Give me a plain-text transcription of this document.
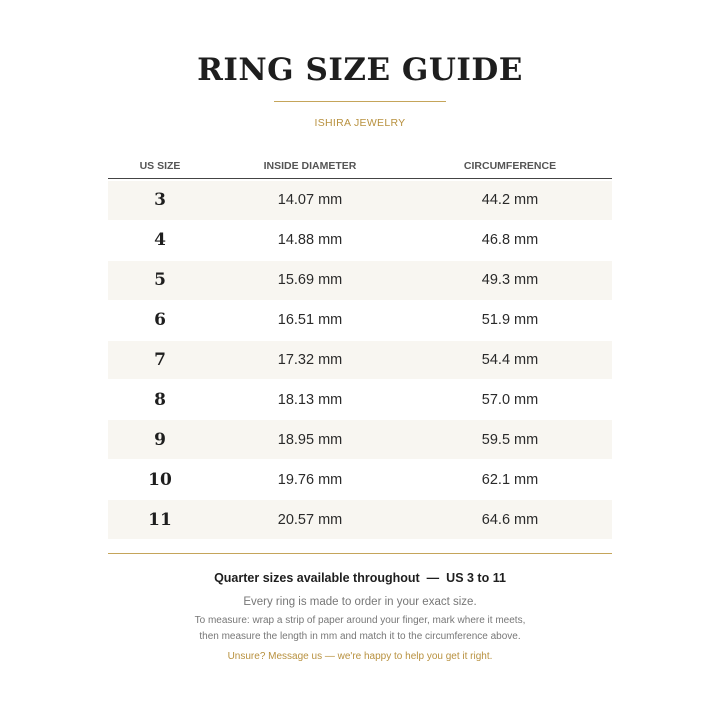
RING SIZE GUIDE
ISHIRA JEWELRY
US SIZE	INSIDE DIAMETER	CIRCUMFERENCE
3	14.07 mm	44.2 mm
4	14.88 mm	46.8 mm
5	15.69 mm	49.3 mm
6	16.51 mm	51.9 mm
7	17.32 mm	54.4 mm
8	18.13 mm	57.0 mm
9	18.95 mm	59.5 mm
10	19.76 mm	62.1 mm
11	20.57 mm	64.6 mm
Quarter sizes available throughout — US 3 to 11
Every ring is made to order in your exact size.
To measure: wrap a strip of paper around your finger, mark where it meets,
then measure the length in mm and match it to the circumference above.
Unsure? Message us — we're happy to help you get it right.
